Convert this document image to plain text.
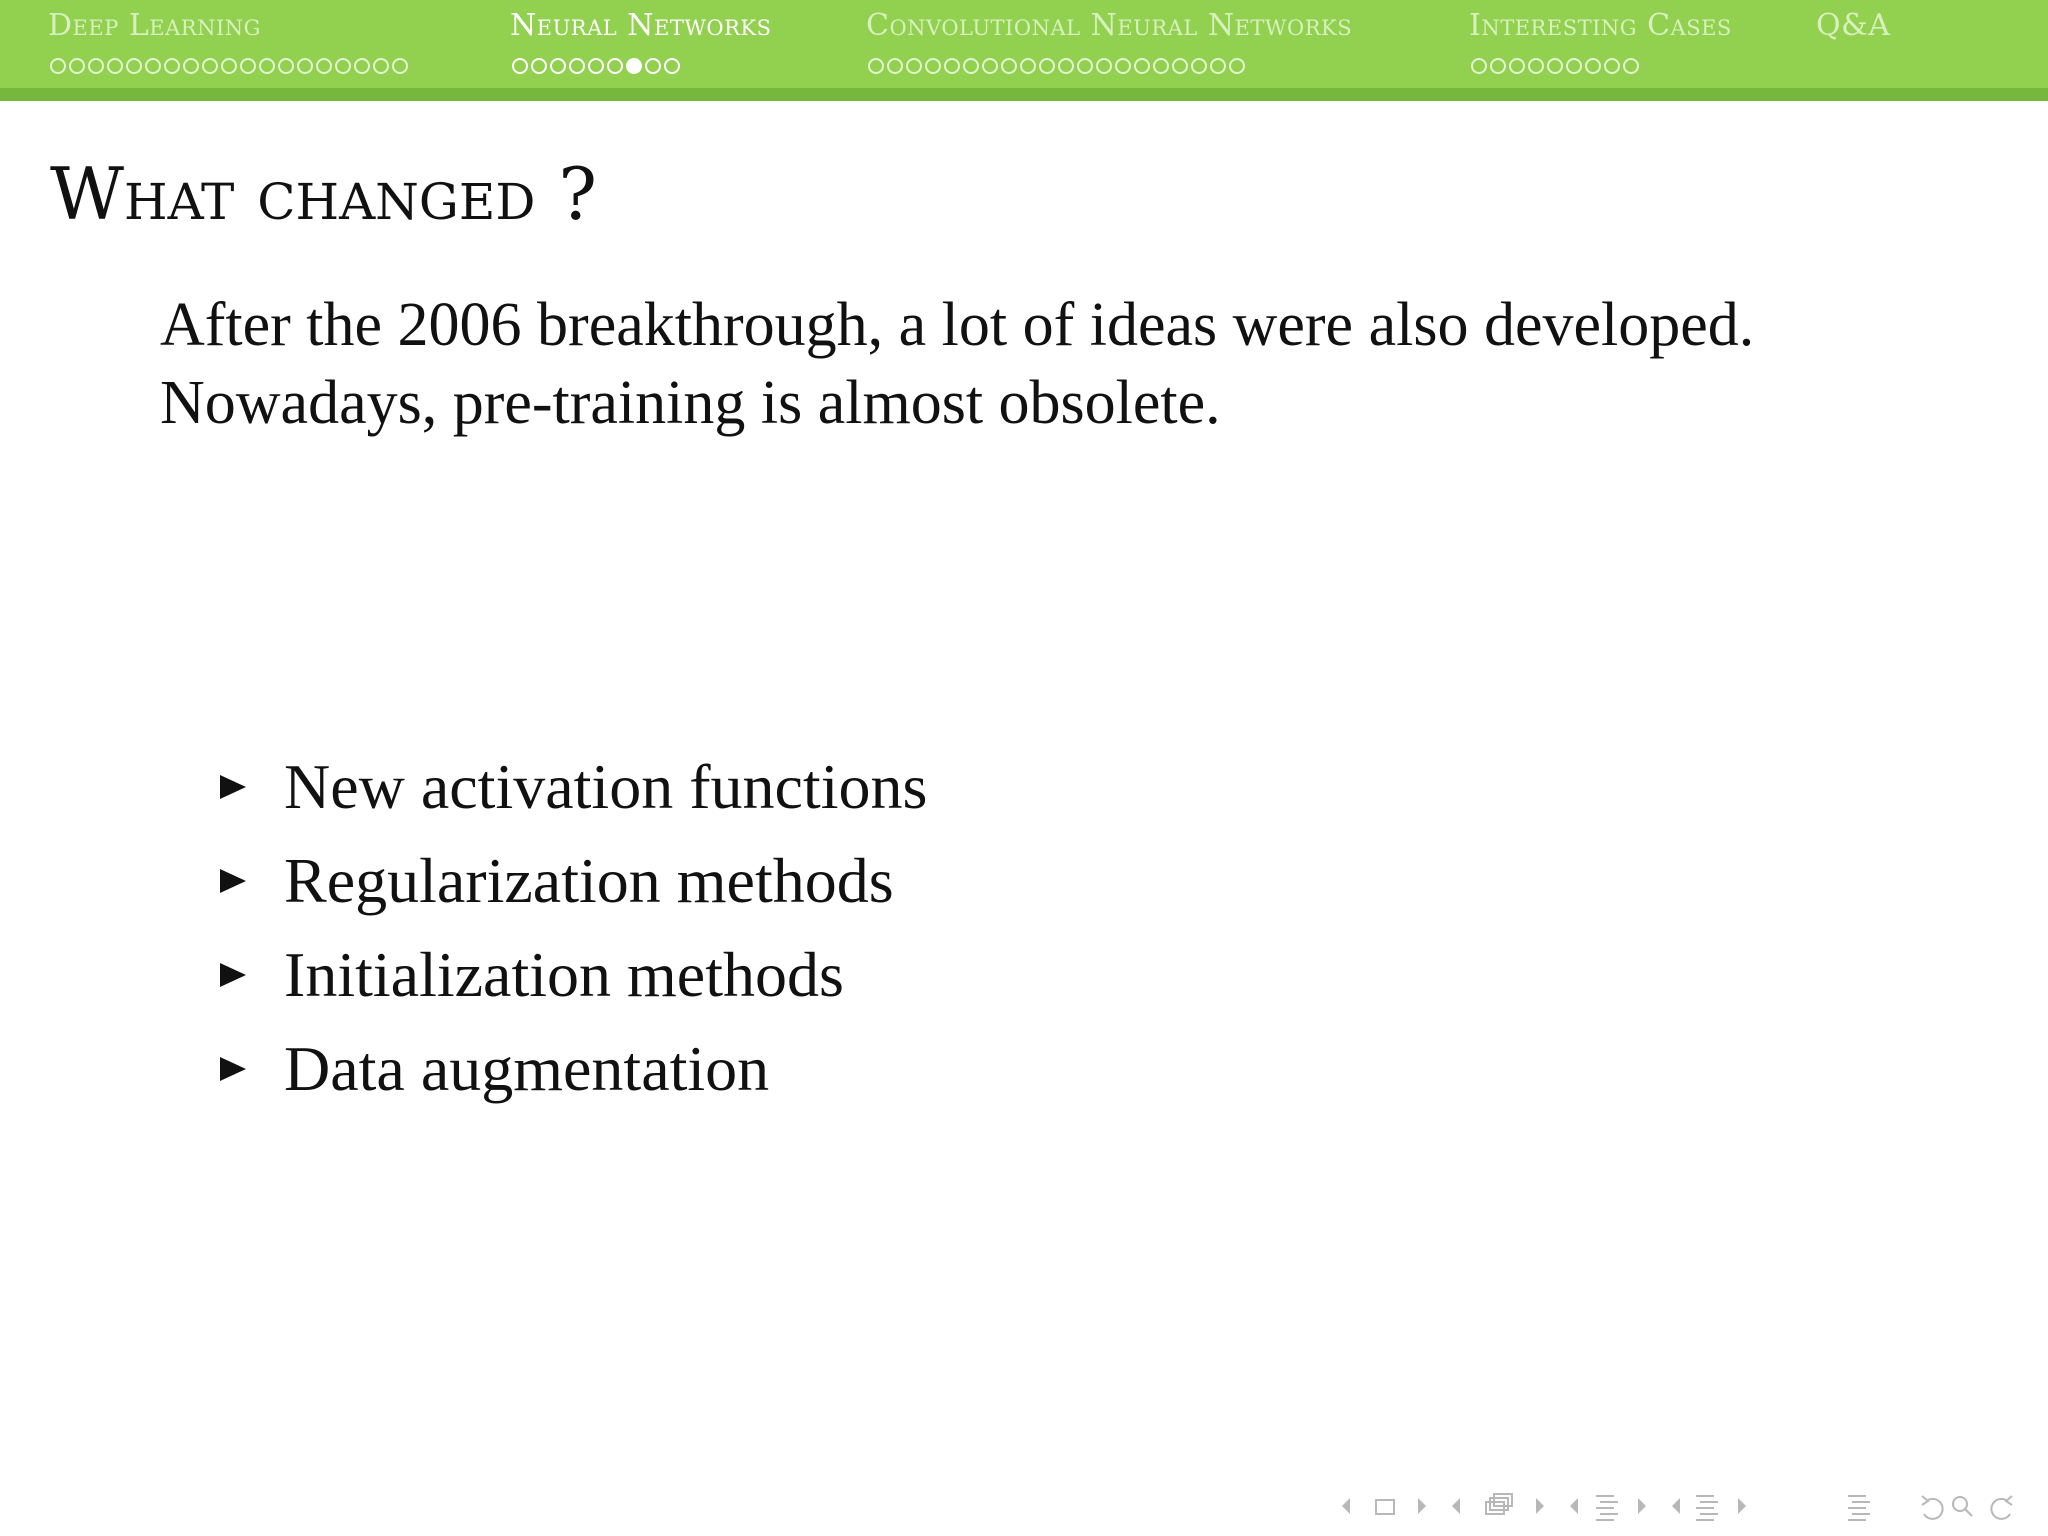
Deep Learning	Neural Networks	Convolutional Neural Networks	Interesting Cases	Q&A
What changed ?
After the 2006 breakthrough, a lot of ideas were also developed.
Nowadays, pre-training is almost obsolete.
New activation functions
Regularization methods
Initialization methods
Data augmentation
